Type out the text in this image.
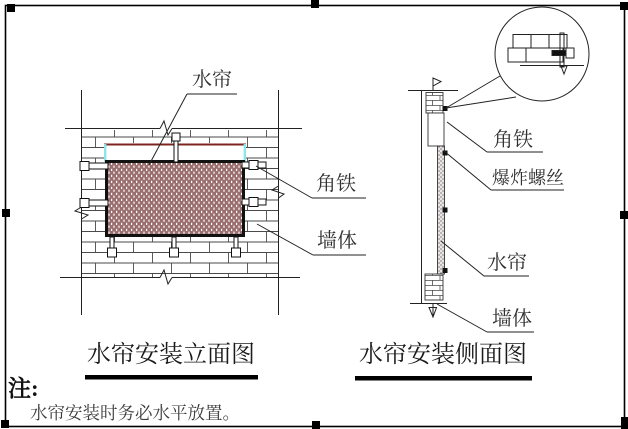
水帘
角铁
墙体
水帘安装立面图
角铁
爆炸螺丝
水帘
墙体
水帘安装侧面图
注:
水帘安装时务必水平放置。
